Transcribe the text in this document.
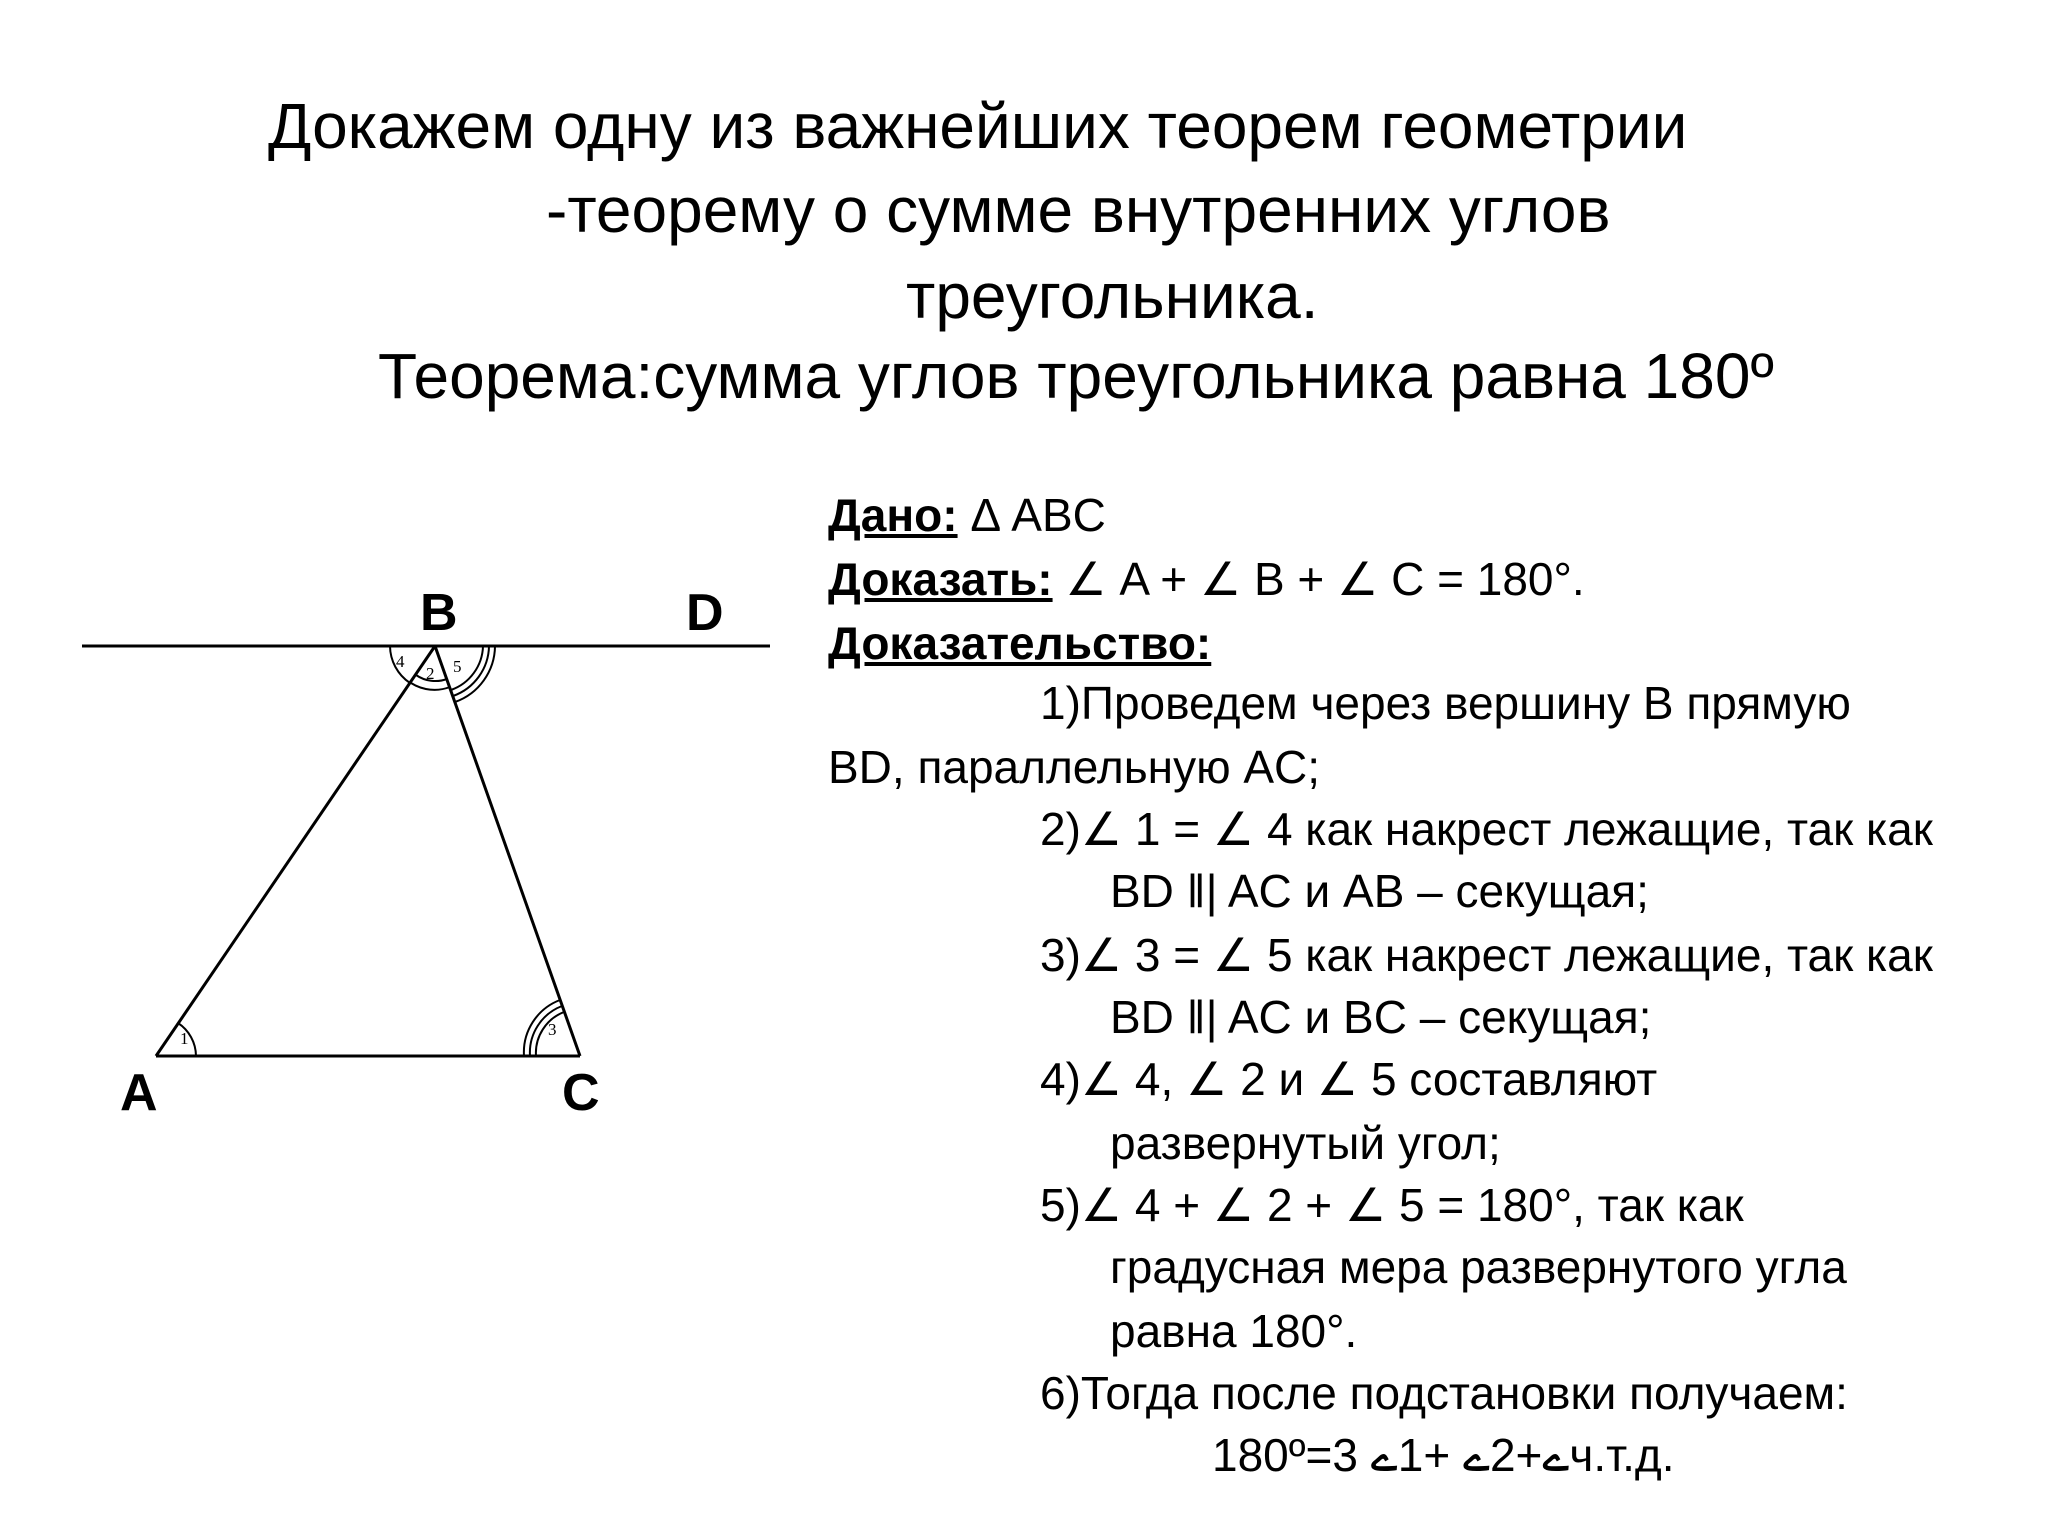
Докажем одну из важнейших теорем геометрии
-теорему о сумме внутренних углов
треугольника.
Теорема:сумма углов треугольника равна 180º
A
B
C
D
1
2
3
4	5
Дано: Δ ABC
Доказать: ∠ A + ∠ B + ∠ C = 180°.
Доказательство:
1)Проведем через вершину B прямую
BD, параллельную AC;
2)∠ 1 = ∠ 4 как накрест лежащие, так как
BD ‖| AC и AB – секущая;
3)∠ 3 = ∠ 5 как накрест лежащие, так как
BD ‖| AC и BC – секущая;
4)∠ 4, ∠ 2 и ∠ 5 составляют
развернутый угол;
5)∠ 4 + ∠ 2 + ∠ 5 = 180°, так как
градусная мера развернутого угла
равна 180°.
6)Тогда после подстановки получаем:
180º=3 ے+2ے +1ےч.т.д.
